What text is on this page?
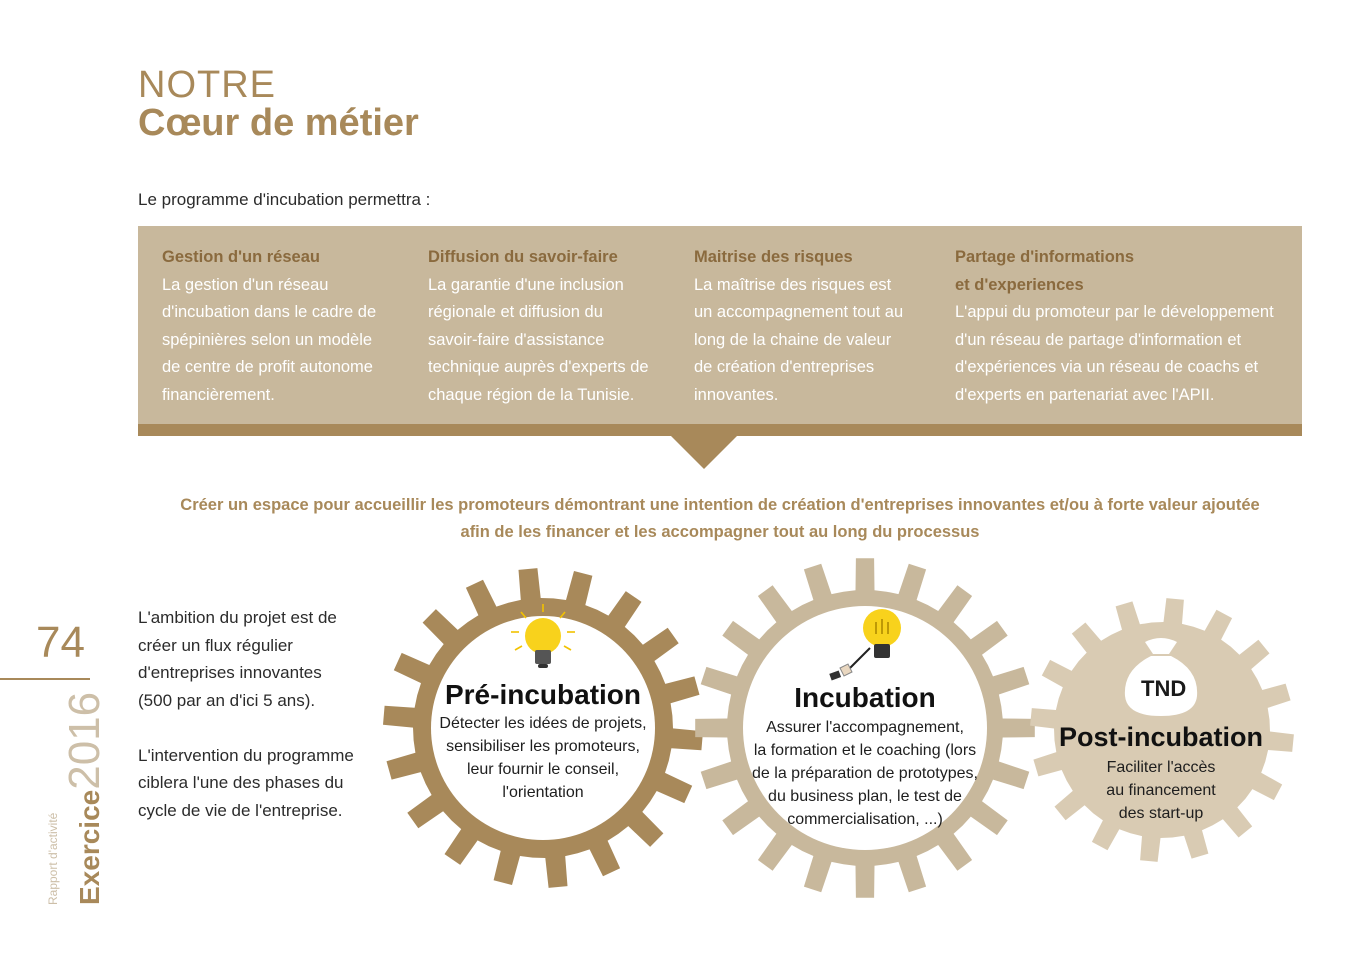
NOTRE
Cœur de métier
Le programme d'incubation permettra :
Gestion d'un réseau
La gestion d'un réseau
d'incubation dans le cadre de
spépinières selon un modèle
de centre de profit autonome
financièrement.
Diffusion du savoir-faire
La garantie d'une inclusion
régionale et diffusion du
savoir-faire d'assistance
technique auprès d'experts de
chaque région de la Tunisie.
Maitrise des risques
La maîtrise des risques est
un accompagnement tout au
long de la chaine de valeur
de création d'entreprises
innovantes.
Partage d'informations
et d'experiences
L'appui du promoteur par le développement
d'un réseau de partage d'information et
d'expériences via un réseau de coachs et
d'experts en partenariat avec l'APII.
Créer un espace pour accueillir les promoteurs démontrant une intention de création d'entreprises innovantes et/ou à forte valeur ajoutée
afin de les financer et les accompagner tout au long du processus
L'ambition du projet est de
créer un flux régulier
d'entreprises innovantes
(500 par an d'ici 5 ans).

L'intervention du programme
ciblera l'une des phases du
cycle de vie de l'entreprise.
74
Rapport d'activité Exercice2016	Pré-incubation
Détecter les idées de projets,
sensibiliser les promoteurs,
leur fournir le conseil,
l'orientation
Incubation
Assurer l'accompagnement,
la formation et le coaching (lors
de la préparation de prototypes,
du business plan, le test de
commercialisation, ...)
TND
Post-incubation
Faciliter l'accès
au financement
des start-up
